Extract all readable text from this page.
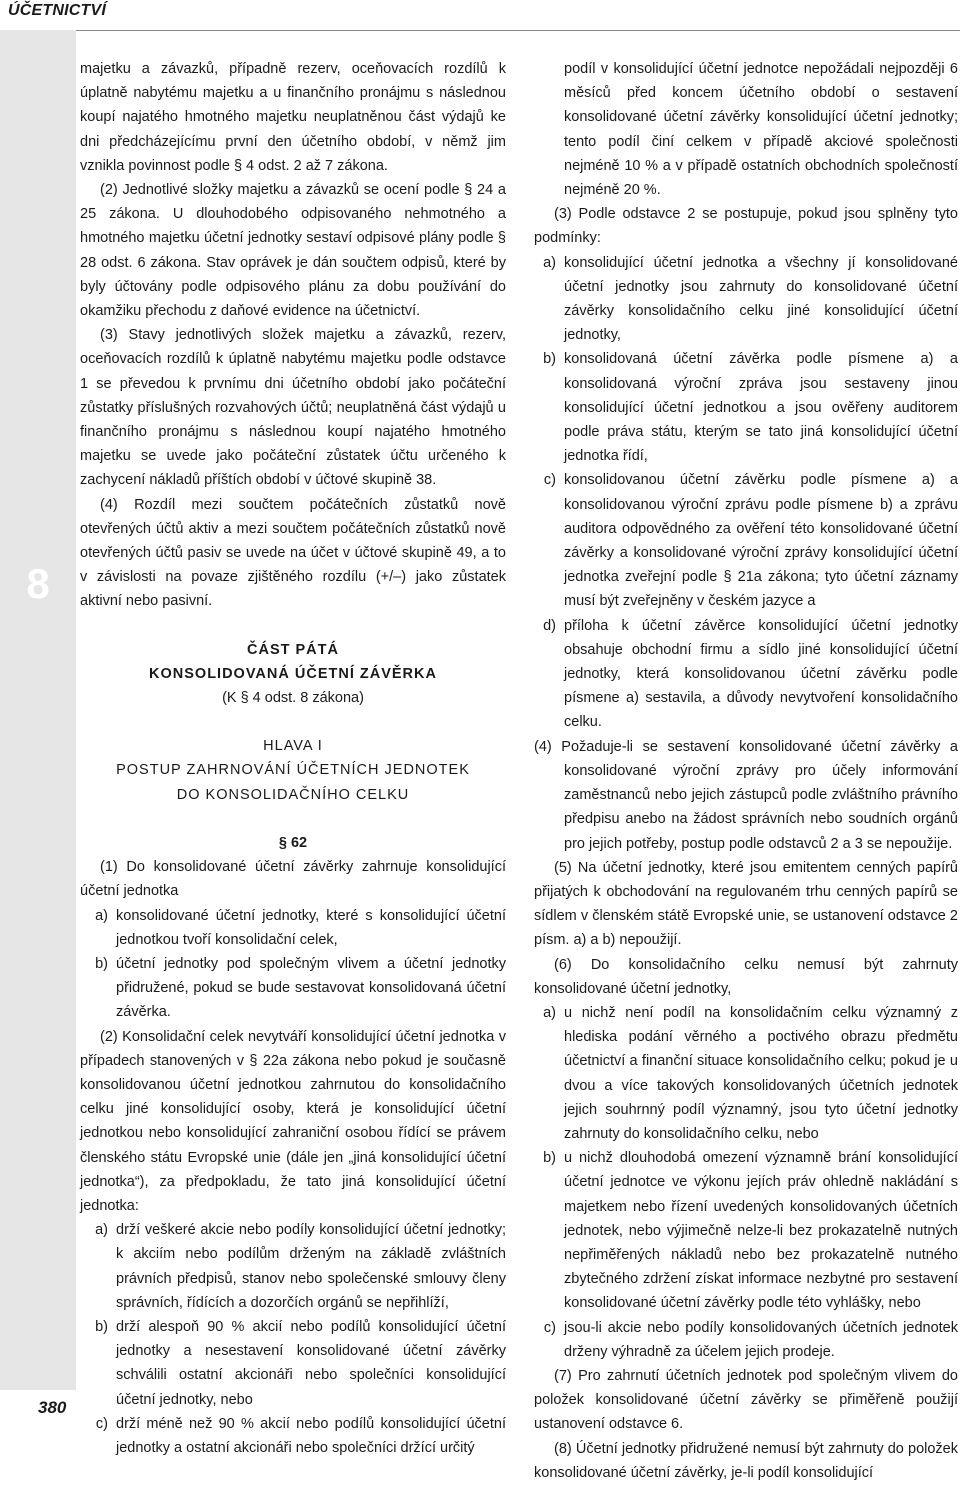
ÚČETNICTVÍ
8
380

majetku a závazků, případně rezerv, oceňovacích rozdílů k úplatně nabytému majetku a u finančního pronájmu s následnou koupí najatého hmotného majetku neuplatněnou část výdajů ke dni předcházejícímu první den účetního období, v němž jim vznikla povinnost podle § 4 odst. 2 až 7 zákona.

(2) Jednotlivé složky majetku a závazků se ocení podle § 24 a 25 zákona. U dlouhodobého odpisovaného nehmotného a hmotného majetku účetní jednotky sestaví odpisové plány podle § 28 odst. 6 zákona. Stav oprávek je dán součtem odpisů, které by byly účtovány podle odpisového plánu za dobu používání do okamžiku přechodu z daňové evidence na účetnictví.

(3) Stavy jednotlivých složek majetku a závazků, rezerv, oceňovacích rozdílů k úplatně nabytému majetku podle odstavce 1 se převedou k prvnímu dni účetního období jako počáteční zůstatky příslušných rozvahových účtů; neuplatněná část výdajů u finančního pronájmu s následnou koupí najatého hmotného majetku se uvede jako počáteční zůstatek účtu určeného k zachycení nákladů příštích období v účtové skupině 38.

(4) Rozdíl mezi součtem počátečních zůstatků nově otevřených účtů aktiv a mezi součtem počátečních zůstatků nově otevřených účtů pasiv se uvede na účet v účtové skupině 49, a to v závislosti na povaze zjištěného rozdílu (+/–) jako zůstatek aktivní nebo pasivní.

ČÁST PÁTÁ

KONSOLIDOVANÁ ÚČETNÍ ZÁVĚRKA

(K § 4 odst. 8 zákona)

HLAVA I

POSTUP ZAHRNOVÁNÍ ÚČETNÍCH JEDNOTEK

DO KONSOLIDAČNÍHO CELKU

§ 62

(1) Do konsolidované účetní závěrky zahrnuje konsolidující účetní jednotka

a) konsolidované účetní jednotky, které s konsolidující účetní jednotkou tvoří konsolidační celek,
b) účetní jednotky pod společným vlivem a účetní jednotky přidružené, pokud se bude sestavovat konsolidovaná účetní závěrka.

(2) Konsolidační celek nevytváří konsolidující účetní jednotka v případech stanovených v § 22a zákona nebo pokud je současně konsolidovanou účetní jednotkou zahrnutou do konsolidačního celku jiné konsolidující osoby, která je konsolidující účetní jednotkou nebo konsolidující zahraniční osobou řídící se právem členského státu Evropské unie (dále jen „jiná konsolidující účetní jednotka“), za předpokladu, že tato jiná konsolidující účetní jednotka:

a) drží veškeré akcie nebo podíly konsolidující účetní jednotky; k akciím nebo podílům drženým na základě zvláštních právních předpisů, stanov nebo společenské smlouvy členy správních, řídících a dozorčích orgánů se nepřihlíží,
b) drží alespoň 90 % akcií nebo podílů konsolidující účetní jednotky a nesestavení konsolidované účetní závěrky schválili ostatní akcionáři nebo společníci konsolidující účetní jednotky, nebo
c) drží méně než 90 % akcií nebo podílů konsolidující účetní jednotky a ostatní akcionáři nebo společníci držící určitý

podíl v konsolidující účetní jednotce nepožádali nejpozději 6 měsíců před koncem účetního období o sestavení konsolidované účetní závěrky konsolidující účetní jednotky; tento podíl činí celkem v případě akciové společnosti nejméně 10 % a v případě ostatních obchodních společností nejméně 20 %.

(3) Podle odstavce 2 se postupuje, pokud jsou splněny tyto podmínky:

a) konsolidující účetní jednotka a všechny jí konsolidované účetní jednotky jsou zahrnuty do konsolidované účetní závěrky konsolidačního celku jiné konsolidující účetní jednotky,
b) konsolidovaná účetní závěrka podle písmene a) a konsolidovaná výroční zpráva jsou sestaveny jinou konsolidující účetní jednotkou a jsou ověřeny auditorem podle práva státu, kterým se tato jiná konsolidující účetní jednotka řídí,
c) konsolidovanou účetní závěrku podle písmene a) a konsolidovanou výroční zprávu podle písmene b) a zprávu auditora odpovědného za ověření této konsolidované účetní závěrky a konsolidované výroční zprávy konsolidující účetní jednotka zveřejní podle § 21a zákona; tyto účetní záznamy musí být zveřejněny v českém jazyce a
d) příloha k účetní závěrce konsolidující účetní jednotky obsahuje obchodní firmu a sídlo jiné konsolidující účetní jednotky, která konsolidovanou účetní závěrku podle písmene a) sestavila, a důvody nevytvoření konsolidačního celku.

(4) Požaduje-li se sestavení konsolidované účetní závěrky a konsolidované výroční zprávy pro účely informování zaměstnanců nebo jejich zástupců podle zvláštního právního předpisu anebo na žádost správních nebo soudních orgánů pro jejich potřeby, postup podle odstavců 2 a 3 se nepoužije.

(5) Na účetní jednotky, které jsou emitentem cenných papírů přijatých k obchodování na regulovaném trhu cenných papírů se sídlem v členském státě Evropské unie, se ustanovení odstavce 2 písm. a) a b) nepoužijí.

(6) Do konsolidačního celku nemusí být zahrnuty konsolidované účetní jednotky,

a) u nichž není podíl na konsolidačním celku významný z hlediska podání věrného a poctivého obrazu předmětu účetnictví a finanční situace konsolidačního celku; pokud je u dvou a více takových konsolidovaných účetních jednotek jejich souhrnný podíl významný, jsou tyto účetní jednotky zahrnuty do konsolidačního celku, nebo
b) u nichž dlouhodobá omezení významně brání konsolidující účetní jednotce ve výkonu jejích práv ohledně nakládání s majetkem nebo řízení uvedených konsolidovaných účetních jednotek, nebo výjimečně nelze-li bez prokazatelně nutných nepřiměřených nákladů nebo bez prokazatelně nutného zbytečného zdržení získat informace nezbytné pro sestavení konsolidované účetní závěrky podle této vyhlášky, nebo
c) jsou-li akcie nebo podíly konsolidovaných účetních jednotek drženy výhradně za účelem jejich prodeje.

(7) Pro zahrnutí účetních jednotek pod společným vlivem do položek konsolidované účetní závěrky se přiměřeně použijí ustanovení odstavce 6.

(8) Účetní jednotky přidružené nemusí být zahrnuty do položek konsolidované účetní závěrky, je-li podíl konsolidující
